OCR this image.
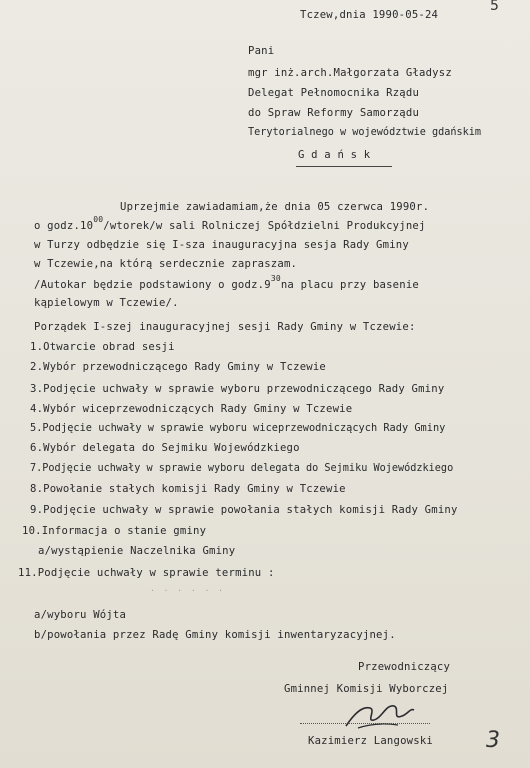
5
Tczew,dnia 1990-05-24
Pani
mgr inż.arch.Małgorzata Gładysz
Delegat Pełnomocnika Rządu
do Spraw Reformy Samorządu
Terytorialnego w województwie gdańskim
G d a ń s k
Uprzejmie zawiadamiam,że dnia 05 czerwca 1990r.
o $godz.10^{00}/wtorek/w$ sali Rolniczej Spółdzielni Produkcyjnej
w Turzy odbędzie się I-sza inauguracyjna sesja Rady Gminy
w Tczewie,na którą serdecznie zapraszam.
/Autokar będzie podstawiony o $godz.9^{30}na$ placu przy basenie
kąpielowym w Tczewie/.
Porządek I-szej inauguracyjnej sesji Rady Gminy w Tczewie:
1.Otwarcie obrad sesji
2.Wybór przewodniczącego Rady Gminy w Tczewie
3.Podjęcie uchwały w sprawie wyboru przewodniczącego Rady Gminy
4.Wybór wiceprzewodniczących Rady Gminy w Tczewie
5.Podjęcie uchwały w sprawie wyboru wiceprzewodniczących Rady Gminy
6.Wybór delegata do Sejmiku Wojewódzkiego
7.Podjęcie uchwały w sprawie wyboru delegata do Sejmiku Wojewódzkiego
8.Powołanie stałych komisji Rady Gminy w Tczewie
9.Podjęcie uchwały w sprawie powołania stałych komisji Rady Gminy
10.Informacja o stanie gminy
a/wystąpienie Naczelnika Gminy
11.Podjęcie uchwały w sprawie terminu :
· · · · · ·
a/wyboru Wójta
b/powołania przez Radę Gminy komisji inwentaryzacyjnej.
Przewodniczący
Gminnej Komisji Wyborczej
Kazimierz Langowski 3
